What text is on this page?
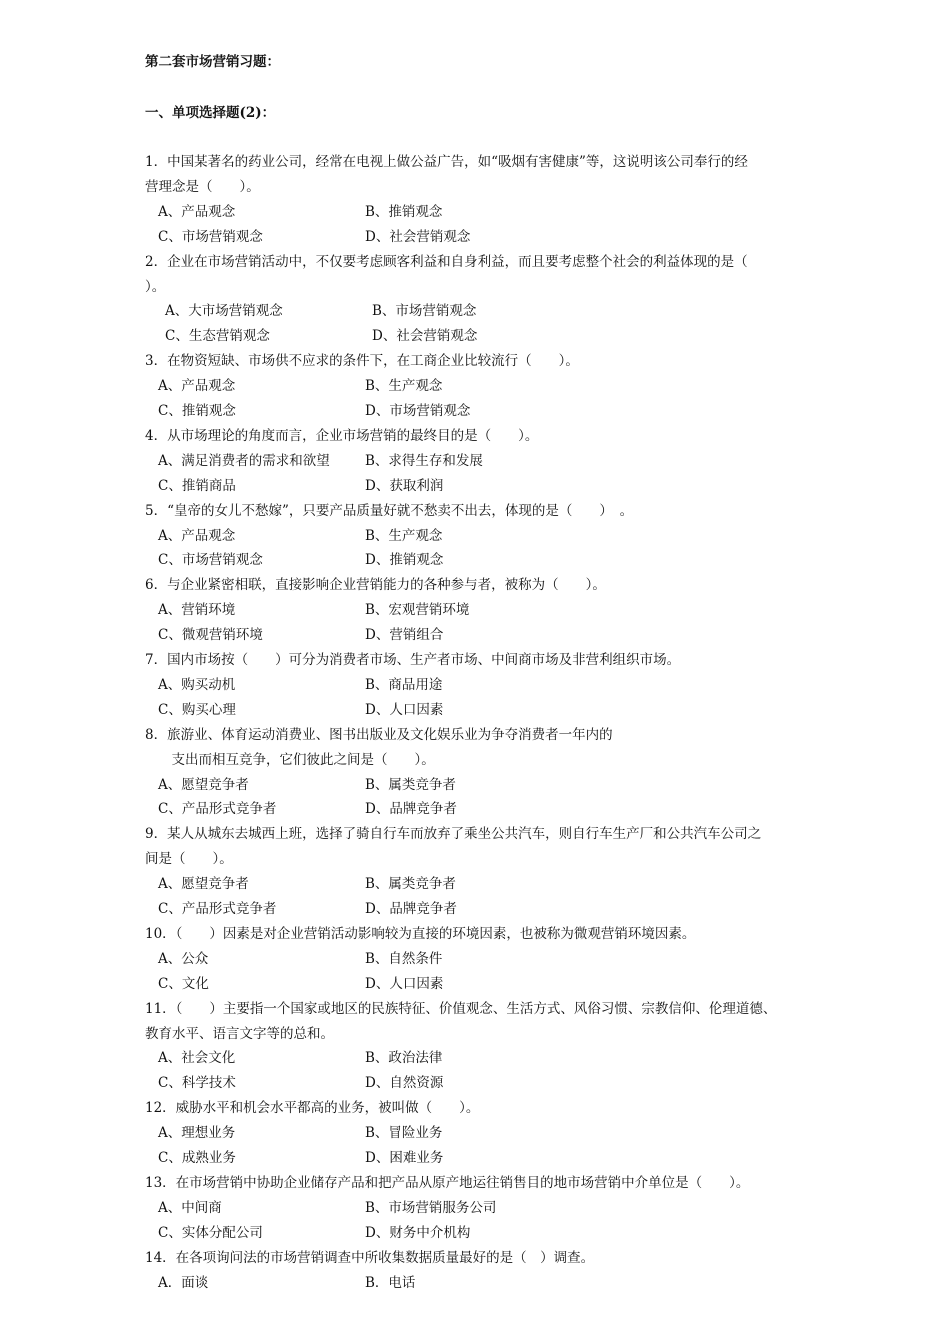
第二套市场营销习题：
一、单项选择题(2)：
1．中国某著名的药业公司，经常在电视上做公益广告，如“吸烟有害健康”等，这说明该公司奉行的经
营理念是（　　）。
A、产品观念	B、推销观念
C、市场营销观念	D、社会营销观念
2．企业在市场营销活动中，不仅要考虑顾客利益和自身利益，而且要考虑整个社会的利益体现的是（
）。
A、大市场营销观念	B、市场营销观念
C、生态营销观念	D、社会营销观念
3．在物资短缺、市场供不应求的条件下，在工商企业比较流行（　　）。
A、产品观念	B、生产观念
C、推销观念	D、市场营销观念
4．从市场理论的角度而言，企业市场营销的最终目的是（　　）。
A、满足消费者的需求和欲望	B、求得生存和发展
C、推销商品	D、获取利润
5．“皇帝的女儿不愁嫁”，只要产品质量好就不愁卖不出去，体现的是（　　）　。
A、产品观念	B、生产观念
C、市场营销观念	D、推销观念
6．与企业紧密相联，直接影响企业营销能力的各种参与者，被称为（　　）。
A、营销环境	B、宏观营销环境
C、微观营销环境	D、营销组合
7．国内市场按（　　）可分为消费者市场、生产者市场、中间商市场及非营利组织市场。
A、购买动机	B、商品用途
C、购买心理	D、人口因素
8．旅游业、体育运动消费业、图书出版业及文化娱乐业为争夺消费者一年内的
　支出而相互竞争，它们彼此之间是（　　）。
A、愿望竞争者	B、属类竞争者
C、产品形式竞争者	D、品牌竞争者
9．某人从城东去城西上班，选择了骑自行车而放弃了乘坐公共汽车，则自行车生产厂和公共汽车公司之
间是（　　）。
A、愿望竞争者	B、属类竞争者
C、产品形式竞争者	D、品牌竞争者
10．（　　）因素是对企业营销活动影响较为直接的环境因素，也被称为微观营销环境因素。
A、公众	B、自然条件
C、文化	D、人口因素
11．（　　）主要指一个国家或地区的民族特征、价值观念、生活方式、风俗习惯、宗教信仰、伦理道德、
教育水平、语言文字等的总和。
A、社会文化	B、政治法律
C、科学技术	D、自然资源
12．威胁水平和机会水平都高的业务，被叫做（　　）。
A、理想业务	B、冒险业务
C、成熟业务	D、困难业务
13．在市场营销中协助企业储存产品和把产品从原产地运往销售目的地市场营销中介单位是（　　）。
A、中间商	B、市场营销服务公司
C、实体分配公司	D、财务中介机构
14．在各项询问法的市场营销调查中所收集数据质量最好的是（　）调查。
A．面谈	B．电话
